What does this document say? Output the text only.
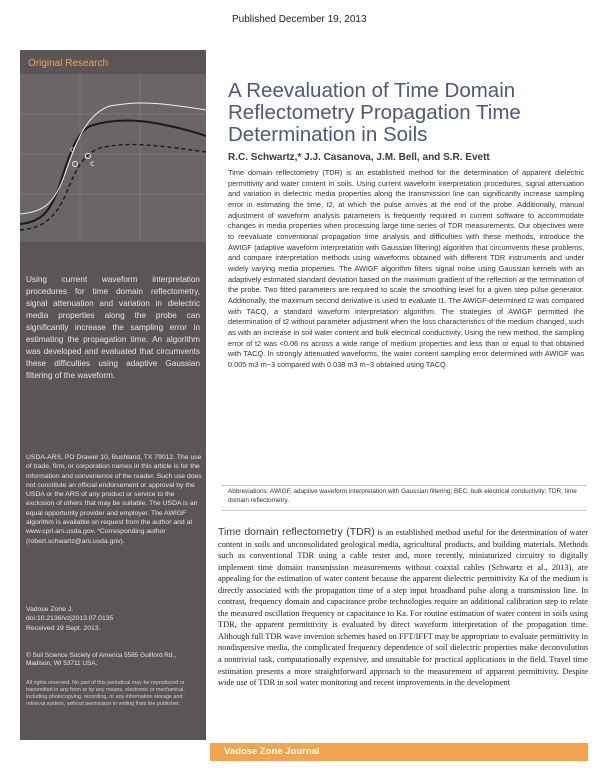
Published December 19, 2013
Original Research
c
c
Using current waveform interpretation procedures for time domain reflectometry, signal attenuation and variation in dielectric media properties along the probe can significantly increase the sampling error in estimating the propagation time. An algorithm was developed and evaluated that circumvents these difficulties using adaptive Gaussian filtering of the waveform.
USDA-ARS, PO Drawer 10, Bushland, TX 79012. The use of trade, firm, or corporation names in this article is for the information and convenience of the reader. Such use does not constitute an official endorsement or approval by the USDA or the ARS of any product or service to the exclusion of others that may be suitable. The USDA is an equal opportunity provider and employer. The AWIGF algorithm is available on request from the author and at www.cprl.ars.usda.gov. *Corresponding author (robert.schwartz@ars.usda.gov).
Vadose Zone J.
doi:10.2136/vzj2013.07.0135
Received 19 Sept. 2013.
© Soil Science Society of America 5585 Guilford Rd., Madison, WI 53711 USA.
All rights reserved. No part of this periodical may be reproduced or transmitted in any form or by any means, electronic or mechanical, including photocopying, recording, or any information storage and retrieval system, without permission in writing from the publisher.
A Reevaluation of Time Domain Reflectometry Propagation Time Determination in Soils
R.C. Schwartz,* J.J. Casanova, J.M. Bell, and S.R. Evett
Time domain reflectometry (TDR) is an established method for the determination of apparent dielectric permittivity and water content in soils. Using current waveform interpretation procedures, signal attenuation and variation in dielectric media properties along the transmission line can significantly increase sampling error in estimating the time, t2, at which the pulse arrives at the end of the probe. Additionally, manual adjustment of waveform analysis parameters is frequently required in current software to accommodate changes in media properties when processing large time series of TDR measurements. Our objectives were to reevaluate conventional propagation time analysis and difficulties with these methods, introduce the AWIGF (adaptive waveform interpretation with Gaussian filtering) algorithm that circumvents these problems, and compare interpretation methods using waveforms obtained with different TDR instruments and under widely varying media properties. The AWIGF algorithm filters signal noise using Gaussian kernels with an adaptively estimated standard deviation based on the maximum gradient of the reflection at the termination of the probe. Two fitted parameters are required to scale the smoothing level for a given step pulse generator. Additionally, the maximum second derivative is used to evaluate t1. The AWIGF-determined t2 was compared with TACQ, a standard waveform interpretation algorithm. The strategies of AWIGF permitted the determination of t2 without parameter adjustment when the loss characteristics of the medium changed, such as with an increase in soil water content and bulk electrical conductivity. Using the new method, the sampling error of t2 was <0.06 ns across a wide range of medium properties and less than or equal to that obtained with TACQ. In strongly attenuated waveforms, the water content sampling error determined with AWIGF was 0.005 m3 m−3 compared with 0.038 m3 m−3 obtained using TACQ.
Abbreviations: AWIGF, adaptive waveform interpretation with Gaussian filtering; BEC, bulk electrical conductivity; TDR, time domain reflectometry.
Time domain reflectometry (TDR) is an established method useful for the determination of water content in soils and unconsolidated geological media, agricultural products, and building materials. Methods such as conventional TDR using a cable tester and, more recently, miniaturized circuitry to digitally implement time domain transmission measurements without coaxial cables (Schwartz et al., 2013), are appealing for the estimation of water content because the apparent dielectric permittivity Ka of the medium is directly associated with the propagation time of a step input broadband pulse along a transmission line. In contrast, frequency domain and capacitance probe technologies require an additional calibration step to relate the measured oscillation frequency or capacitance to Ka. For routine estimation of water content in soils using TDR, the apparent permittivity is evaluated by direct waveform interpretation of the propagation time. Although full TDR wave inversion schemes based on FFT/IFFT may be appropriate to evaluate permittivity in nondispersive media, the complicated frequency dependence of soil dielectric properties make deconvolution a nontrivial task, computationally expensive, and unsuitable for practical applications in the field. Travel time estimation presents a more straightforward approach to the measurement of apparent permittivity. Despite wide use of TDR in soil water monitoring and recent improvements in the development
Vadose Zone Journal
